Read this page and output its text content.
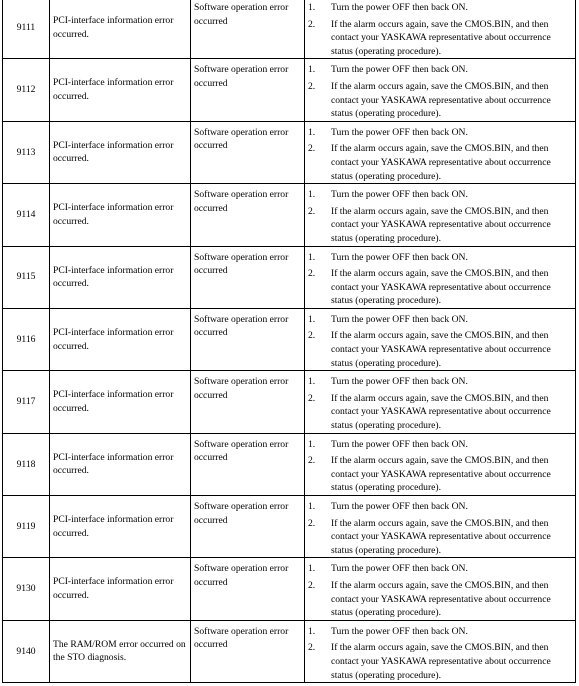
9111	PCI-interface information error occurred.	Software operation error occurred	1. Turn the power OFF then back ON.
2. If the alarm occurs again, save the CMOS.BIN, and then contact your YASKAWA representative about occurrence status (operating procedure).

9112	PCI-interface information error occurred.	Software operation error occurred	1. Turn the power OFF then back ON.
2. If the alarm occurs again, save the CMOS.BIN, and then contact your YASKAWA representative about occurrence status (operating procedure).

9113	PCI-interface information error occurred.	Software operation error occurred	1. Turn the power OFF then back ON.
2. If the alarm occurs again, save the CMOS.BIN, and then contact your YASKAWA representative about occurrence status (operating procedure).

9114	PCI-interface information error occurred.	Software operation error occurred	1. Turn the power OFF then back ON.
2. If the alarm occurs again, save the CMOS.BIN, and then contact your YASKAWA representative about occurrence status (operating procedure).

9115	PCI-interface information error occurred.	Software operation error occurred	1. Turn the power OFF then back ON.
2. If the alarm occurs again, save the CMOS.BIN, and then contact your YASKAWA representative about occurrence status (operating procedure).

9116	PCI-interface information error occurred.	Software operation error occurred	1. Turn the power OFF then back ON.
2. If the alarm occurs again, save the CMOS.BIN, and then contact your YASKAWA representative about occurrence status (operating procedure).

9117	PCI-interface information error occurred.	Software operation error occurred	1. Turn the power OFF then back ON.
2. If the alarm occurs again, save the CMOS.BIN, and then contact your YASKAWA representative about occurrence status (operating procedure).

9118	PCI-interface information error occurred.	Software operation error occurred	1. Turn the power OFF then back ON.
2. If the alarm occurs again, save the CMOS.BIN, and then contact your YASKAWA representative about occurrence status (operating procedure).

9119	PCI-interface information error occurred.	Software operation error occurred	1. Turn the power OFF then back ON.
2. If the alarm occurs again, save the CMOS.BIN, and then contact your YASKAWA representative about occurrence status (operating procedure).

9130	PCI-interface information error occurred.	Software operation error occurred	1. Turn the power OFF then back ON.
2. If the alarm occurs again, save the CMOS.BIN, and then contact your YASKAWA representative about occurrence status (operating procedure).

9140	The RAM/ROM error occurred on the STO diagnosis.	Software operation error occurred	1. Turn the power OFF then back ON.
2. If the alarm occurs again, save the CMOS.BIN, and then contact your YASKAWA representative about occurrence status (operating procedure).
